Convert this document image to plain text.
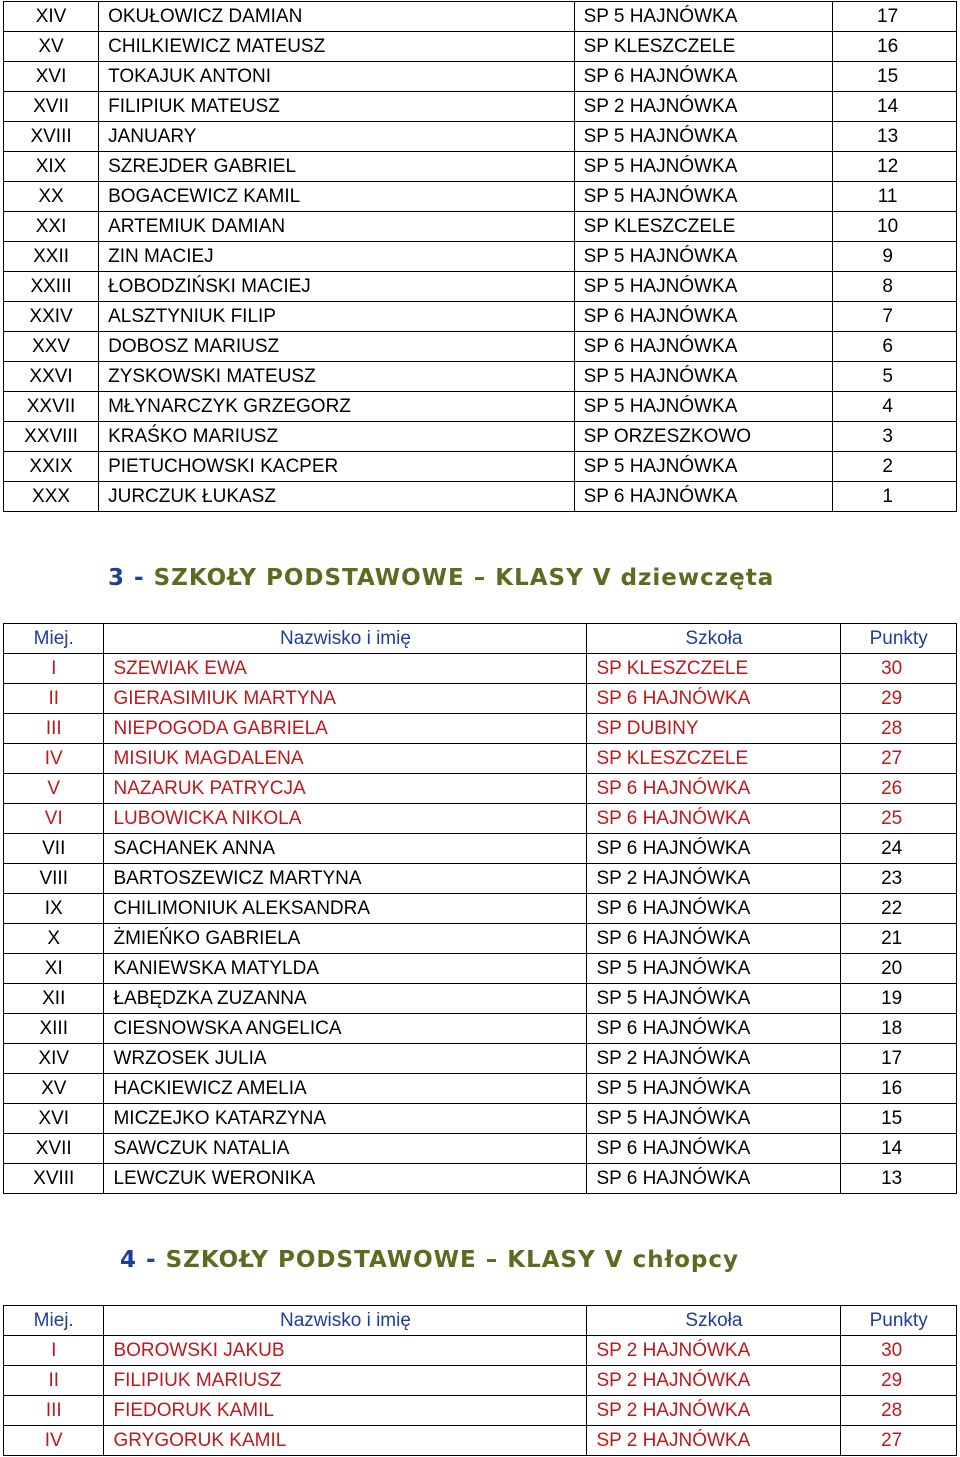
XIV	OKUŁOWICZ DAMIAN	SP 5 HAJNÓWKA	17
XV	CHILKIEWICZ MATEUSZ	SP KLESZCZELE	16
XVI	TOKAJUK ANTONI	SP 6 HAJNÓWKA	15
XVII	FILIPIUK MATEUSZ	SP 2 HAJNÓWKA	14
XVIII	JANUARY	SP 5 HAJNÓWKA	13
XIX	SZREJDER GABRIEL	SP 5 HAJNÓWKA	12
XX	BOGACEWICZ KAMIL	SP 5 HAJNÓWKA	11
XXI	ARTEMIUK DAMIAN	SP KLESZCZELE	10
XXII	ZIN MACIEJ	SP 5 HAJNÓWKA	9
XXIII	ŁOBODZIŃSKI MACIEJ	SP 5 HAJNÓWKA	8
XXIV	ALSZTYNIUK FILIP	SP 6 HAJNÓWKA	7
XXV	DOBOSZ MARIUSZ	SP 6 HAJNÓWKA	6
XXVI	ZYSKOWSKI MATEUSZ	SP 5 HAJNÓWKA	5
XXVII	MŁYNARCZYK GRZEGORZ	SP 5 HAJNÓWKA	4
XXVIII	KRAŚKO MARIUSZ	SP ORZESZKOWO	3
XXIX	PIETUCHOWSKI KACPER	SP 5 HAJNÓWKA	2
XXX	JURCZUK ŁUKASZ	SP 6 HAJNÓWKA	1
3 - SZKOŁY PODSTAWOWE – KLASY V dziewczęta
Miej.	Nazwisko i imię	Szkoła	Punkty
I	SZEWIAK EWA	SP KLESZCZELE	30
II	GIERASIMIUK MARTYNA	SP 6 HAJNÓWKA	29
III	NIEPOGODA GABRIELA	SP DUBINY	28
IV	MISIUK MAGDALENA	SP KLESZCZELE	27
V	NAZARUK PATRYCJA	SP 6 HAJNÓWKA	26
VI	LUBOWICKA NIKOLA	SP 6 HAJNÓWKA	25
VII	SACHANEK ANNA	SP 6 HAJNÓWKA	24
VIII	BARTOSZEWICZ MARTYNA	SP 2 HAJNÓWKA	23
IX	CHILIMONIUK ALEKSANDRA	SP 6 HAJNÓWKA	22
X	ŻMIEŃKO GABRIELA	SP 6 HAJNÓWKA	21
XI	KANIEWSKA MATYLDA	SP 5 HAJNÓWKA	20
XII	ŁABĘDZKA ZUZANNA	SP 5 HAJNÓWKA	19
XIII	CIESNOWSKA ANGELICA	SP 6 HAJNÓWKA	18
XIV	WRZOSEK JULIA	SP 2 HAJNÓWKA	17
XV	HACKIEWICZ AMELIA	SP 5 HAJNÓWKA	16
XVI	MICZEJKO KATARZYNA	SP 5 HAJNÓWKA	15
XVII	SAWCZUK NATALIA	SP 6 HAJNÓWKA	14
XVIII	LEWCZUK WERONIKA	SP 6 HAJNÓWKA	13
4 - SZKOŁY PODSTAWOWE – KLASY V chłopcy
Miej.	Nazwisko i imię	Szkoła	Punkty
I	BOROWSKI JAKUB	SP 2 HAJNÓWKA	30
II	FILIPIUK MARIUSZ	SP 2 HAJNÓWKA	29
III	FIEDORUK KAMIL	SP 2 HAJNÓWKA	28
IV	GRYGORUK KAMIL	SP 2 HAJNÓWKA	27
